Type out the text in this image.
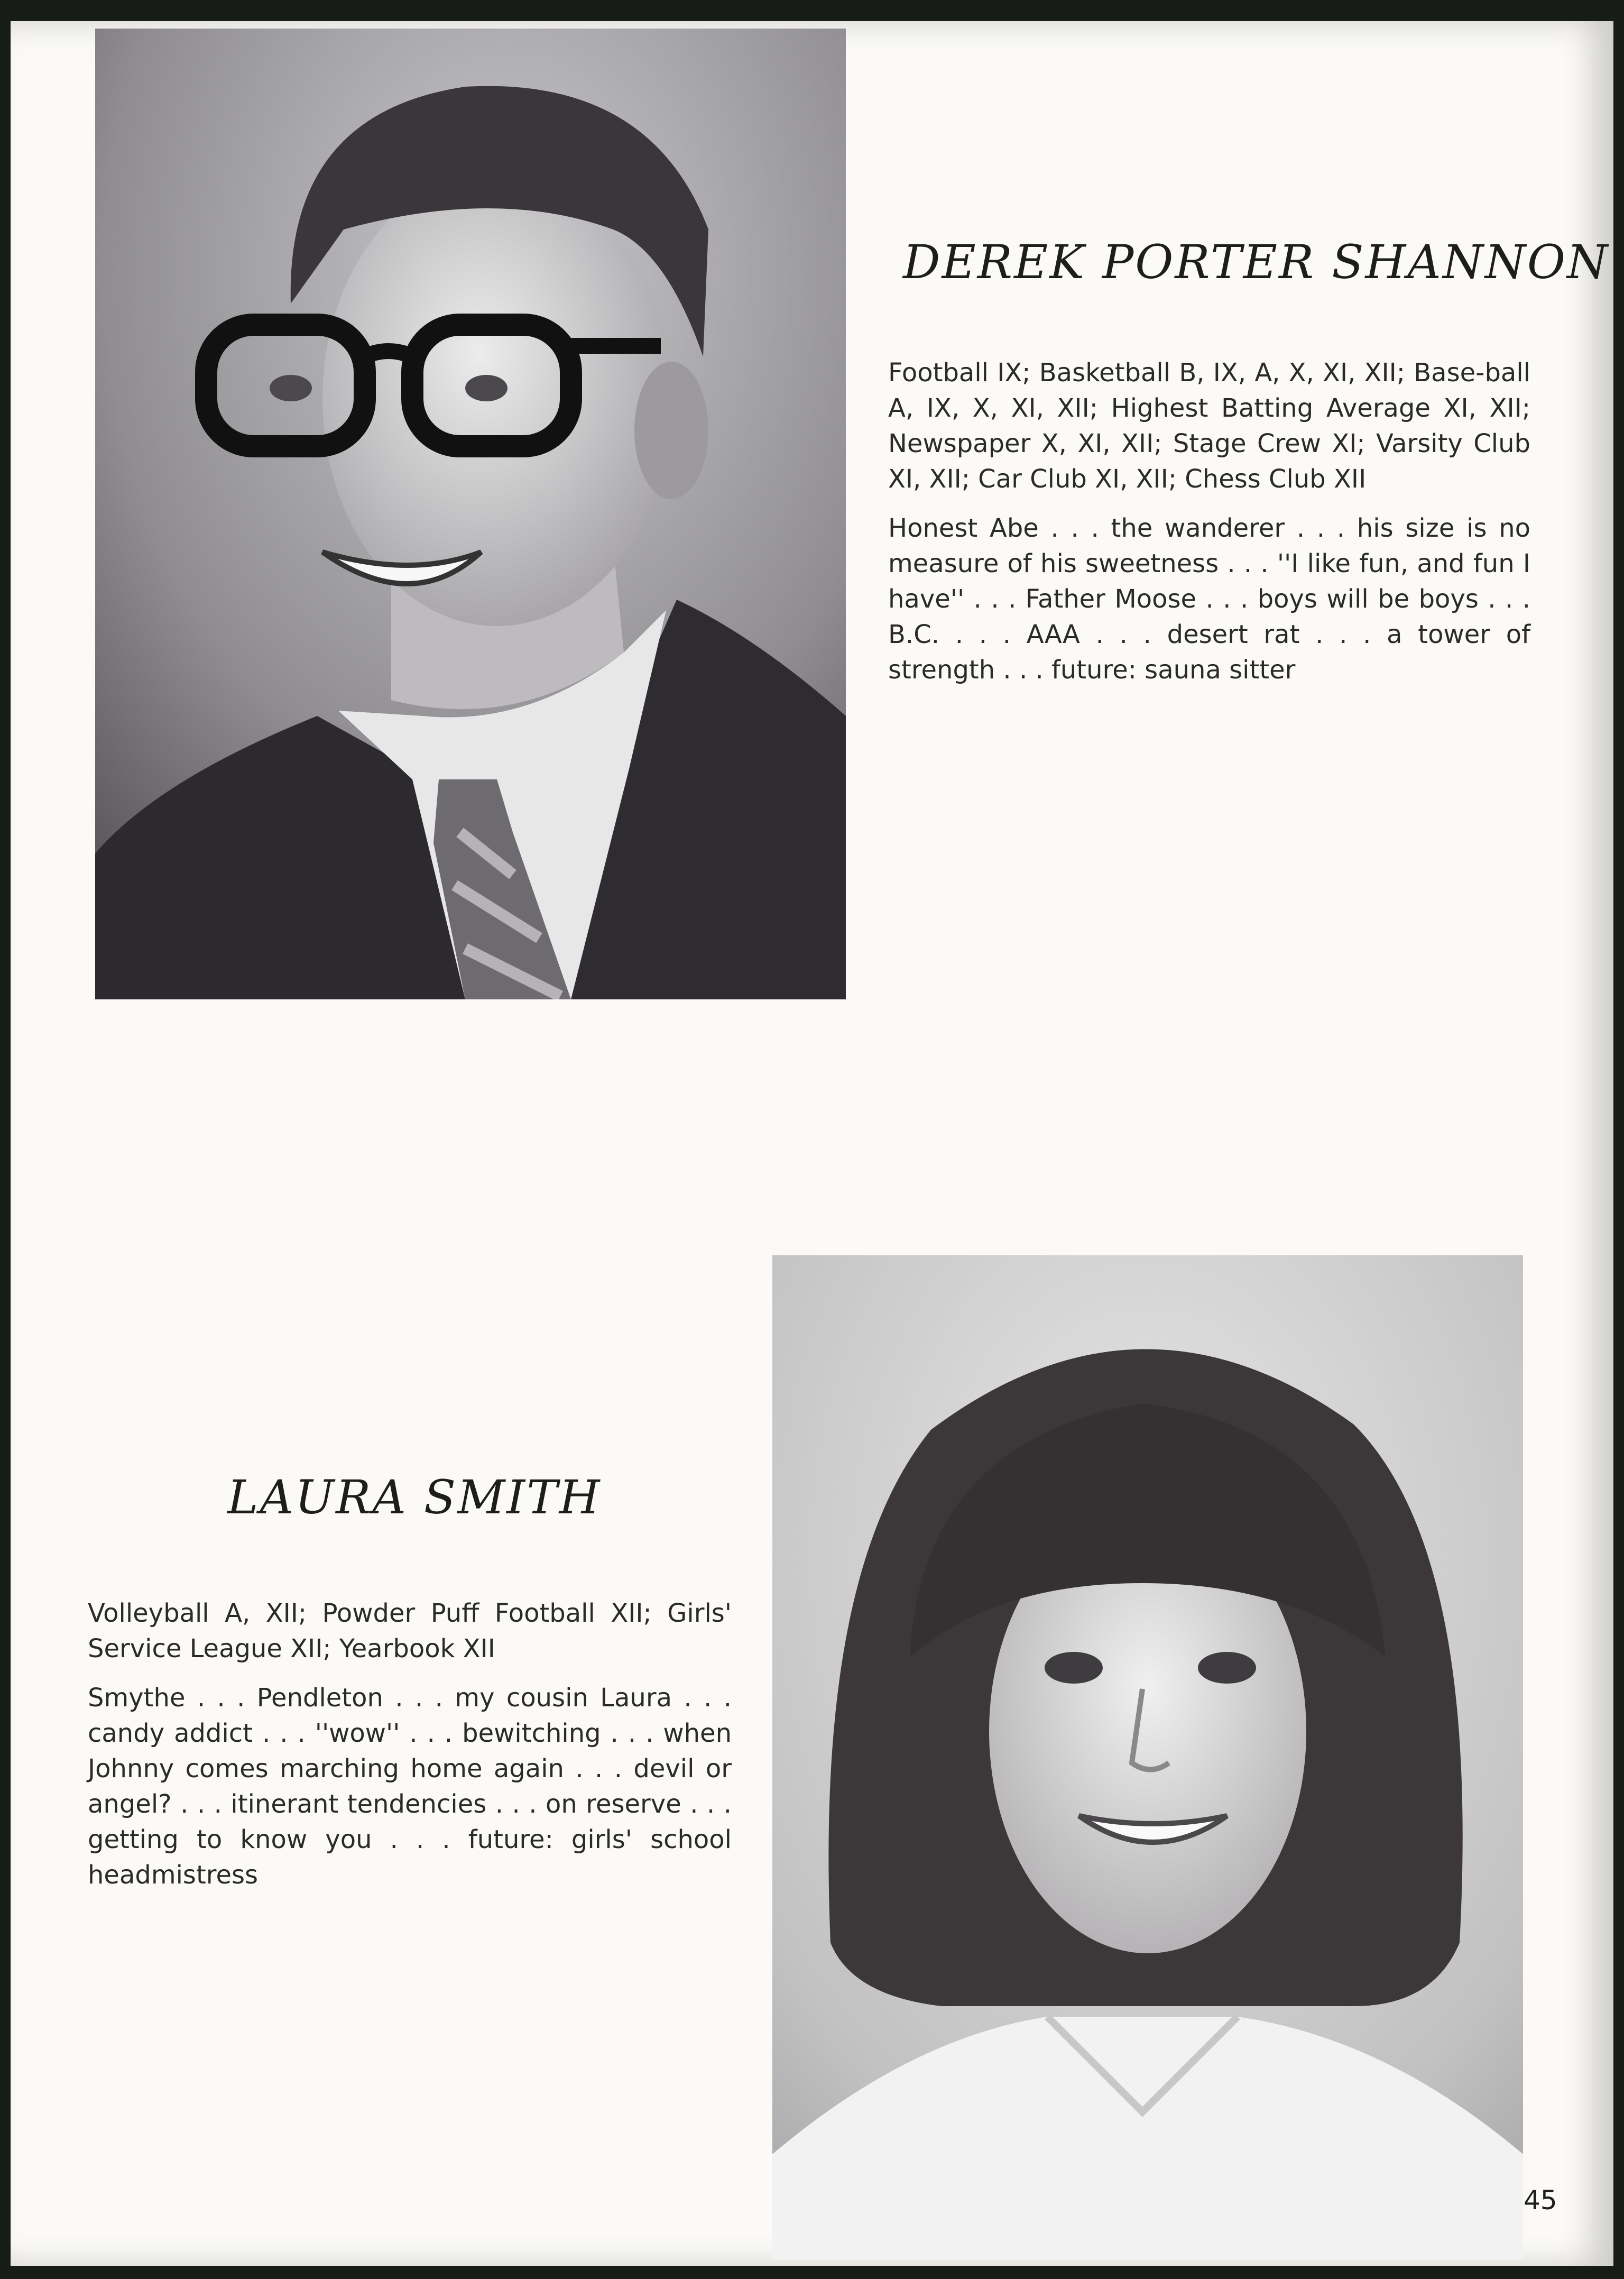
DEREK PORTER SHANNON

Football IX; Basketball B, IX, A, X, XI, XII; Base-ball A, IX, X, XI, XII; Highest Batting Average XI, XII; Newspaper X, XI, XII; Stage Crew XI; Varsity Club XI, XII; Car Club XI, XII; Chess Club XII

Honest Abe . . . the wanderer . . . his size is no measure of his sweetness . . . ''I like fun, and fun I have'' . . . Father Moose . . . boys will be boys . . . B.C. . . . AAA . . . desert rat . . . a tower of strength . . . future: sauna sitter

LAURA SMITH

Volleyball A, XII; Powder Puff Football XII; Girls' Service League XII; Yearbook XII

Smythe . . . Pendleton . . . my cousin Laura . . . candy addict . . . ''wow'' . . . bewitching . . . when Johnny comes marching home again . . . devil or angel? . . . itinerant tendencies . . . on reserve . . . getting to know you . . . future: girls' school headmistress

45
